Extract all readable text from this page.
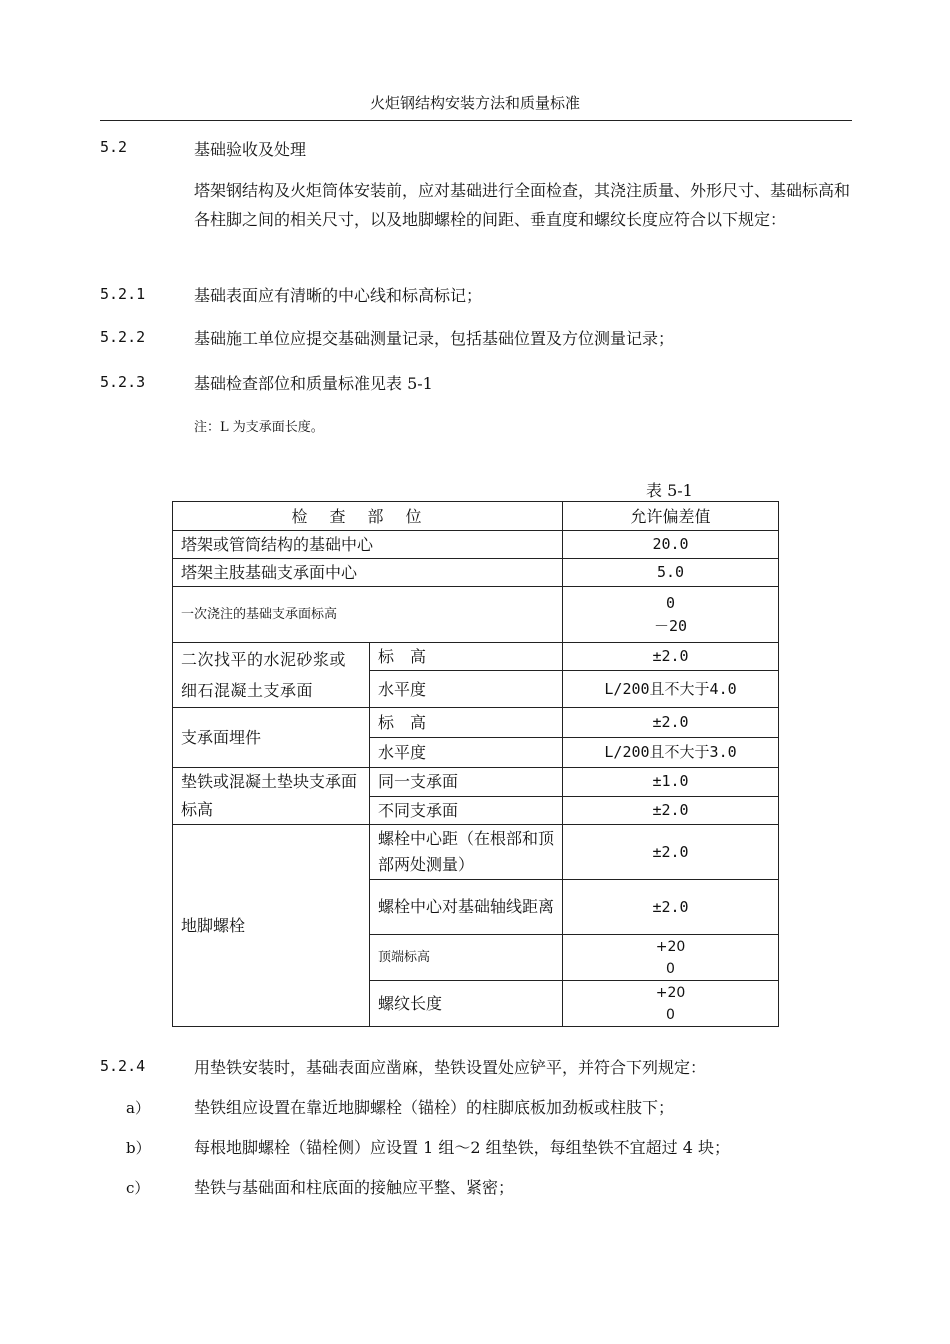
火炬钢结构安装方法和质量标准
5.2	基础验收及处理
塔架钢结构及火炬筒体安装前，应对基础进行全面检查，其浇注质量、外形尺寸、基础标高和各柱脚之间的相关尺寸，以及地脚螺栓的间距、垂直度和螺纹长度应符合以下规定：
5.2.1	基础表面应有清晰的中心线和标高标记；
5.2.2	基础施工单位应提交基础测量记录，包括基础位置及方位测量记录；
5.2.3	基础检查部位和质量标准见表 5-1
注：L 为支承面长度。
表 5-1
检查部位		允许偏差值
塔架或管筒结构的基础中心		20.0
塔架主肢基础支承面中心		5.0
一次浇注的基础支承面标高		0
－20

二次找平的水泥砂浆或细石混凝土支承面	标　高	±2.0
	水平度	L/200且不大于4.0
支承面埋件	标　高	±2.0
	水平度	L/200且不大于3.0
垫铁或混凝土垫块支承面标高	同一支承面	±1.0
	不同支承面	±2.0
地脚螺栓	螺栓中心距（在根部和顶部两处测量）	±2.0
	螺栓中心对基础轴线距离	±2.0
	顶端标高	+20
0

	螺纹长度	+20
0
5.2.4	用垫铁安装时，基础表面应凿麻，垫铁设置处应铲平，并符合下列规定：
a）	垫铁组应设置在靠近地脚螺栓（锚栓）的柱脚底板加劲板或柱肢下；
b）	每根地脚螺栓（锚栓侧）应设置 1 组～2 组垫铁，每组垫铁不宜超过 4 块；
c）	垫铁与基础面和柱底面的接触应平整、紧密；
